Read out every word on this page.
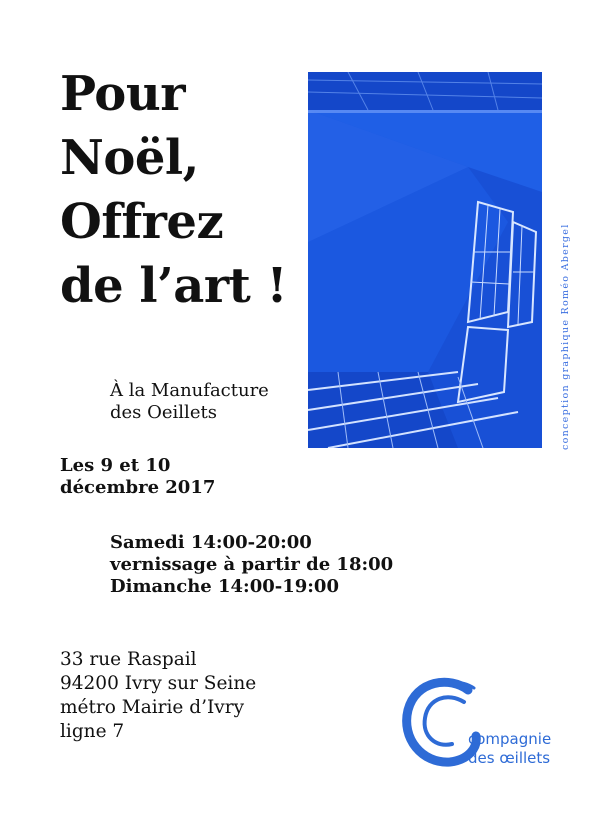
Pour
Noël,
Offrez
de l’art !	conception graphique Roméo Abergel

À la Manufacture
des Oeillets

Les 9 et 10
décembre 2017

Samedi 14:00-20:00
vernissage à partir de 18:00
Dimanche 14:00-19:00

33 rue Raspail
94200 Ivry sur Seine
métro Mairie d’Ivry
ligne 7	compagnie
des œillets
